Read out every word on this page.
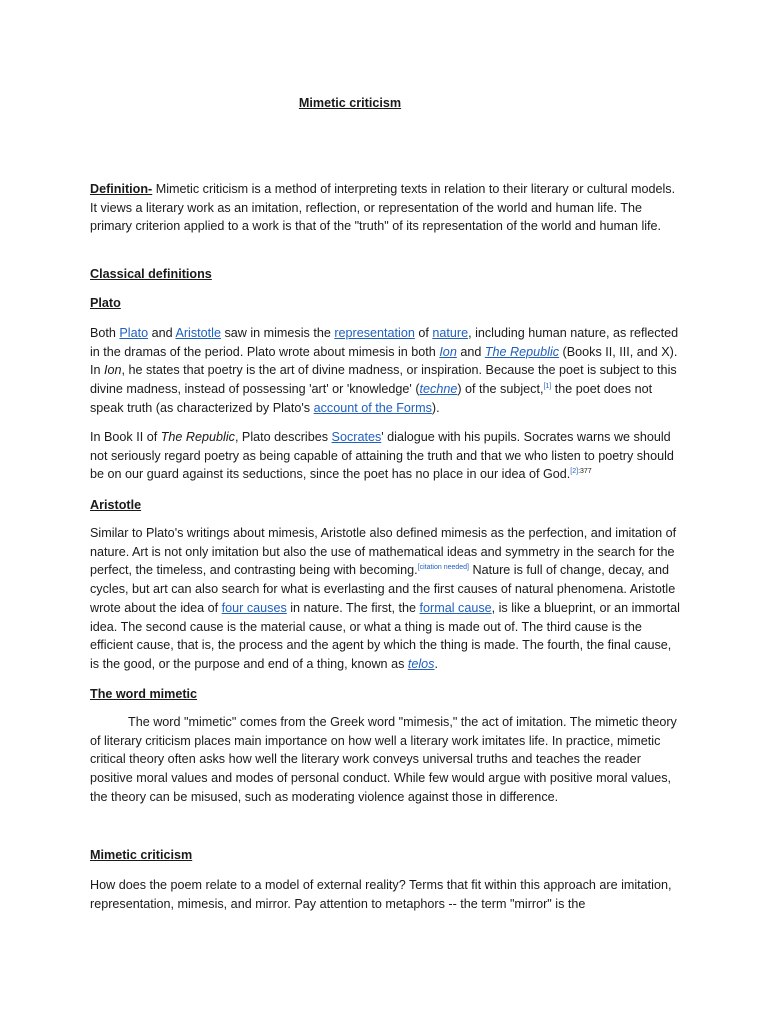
Mimetic criticism

Definition- Mimetic criticism is a method of interpreting texts in relation to their literary or cultural models. It views a literary work as an imitation, reflection, or representation of the world and human life. The primary criterion applied to a work is that of the "truth" of its representation of the world and human life.

Classical definitions
Plato

Both Plato and Aristotle saw in mimesis the representation of nature, including human nature, as reflected in the dramas of the period. Plato wrote about mimesis in both Ion and The Republic (Books II, III, and X). In Ion, he states that poetry is the art of divine madness, or inspiration. Because the poet is subject to this divine madness, instead of possessing 'art' or 'knowledge' (techne) of the subject,[1] the poet does not speak truth (as characterized by Plato's account of the Forms).

In Book II of The Republic, Plato describes Socrates' dialogue with his pupils. Socrates warns we should not seriously regard poetry as being capable of attaining the truth and that we who listen to poetry should be on our guard against its seductions, since the poet has no place in our idea of God.$^{[2]:377}$

Aristotle

Similar to Plato's writings about mimesis, Aristotle also defined mimesis as the perfection, and imitation of nature. Art is not only imitation but also the use of mathematical ideas and symmetry in the search for the perfect, the timeless, and contrasting being with becoming.[citation needed] Nature is full of change, decay, and cycles, but art can also search for what is everlasting and the first causes of natural phenomena. Aristotle wrote about the idea of four causes in nature. The first, the formal cause, is like a blueprint, or an immortal idea. The second cause is the material cause, or what a thing is made out of. The third cause is the efficient cause, that is, the process and the agent by which the thing is made. The fourth, the final cause, is the good, or the purpose and end of a thing, known as telos.

The word mimetic

The word "mimetic" comes from the Greek word "mimesis," the act of imitation. The mimetic theory of literary criticism places main importance on how well a literary work imitates life. In practice, mimetic critical theory often asks how well the literary work conveys universal truths and teaches the reader positive moral values and modes of personal conduct. While few would argue with positive moral values, the theory can be misused, such as moderating violence against those in difference.

Mimetic criticism

How does the poem relate to a model of external reality? Terms that fit within this approach are imitation, representation, mimesis, and mirror. Pay attention to metaphors -- the term "mirror" is the
